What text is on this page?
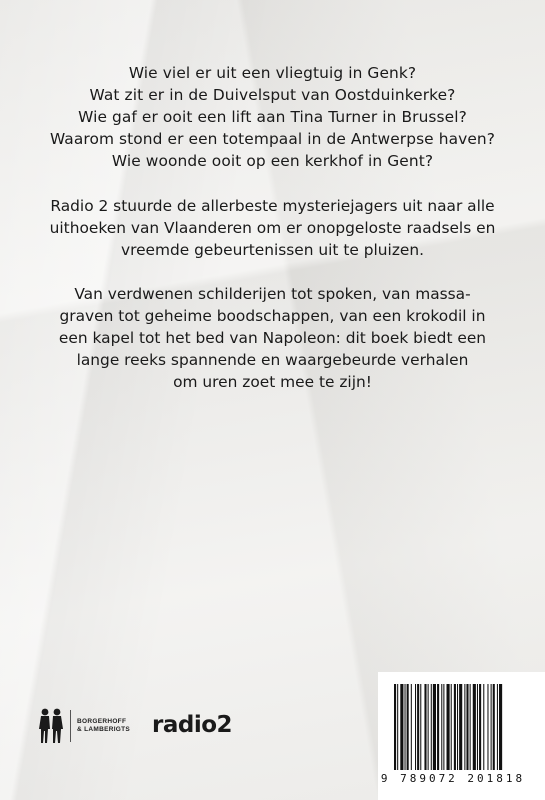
Wie viel er uit een vliegtuig in Genk?
Wat zit er in de Duivelsput van Oostduinkerke?
Wie gaf er ooit een lift aan Tina Turner in Brussel?
Waarom stond er een totempaal in de Antwerpse haven?
Wie woonde ooit op een kerkhof in Gent?
Radio 2 stuurde de allerbeste mysteriejagers uit naar alle
uithoeken van Vlaanderen om er onopgeloste raadsels en
vreemde gebeurtenissen uit te pluizen.
Van verdwenen schilderijen tot spoken, van massa-
graven tot geheime boodschappen, van een krokodil in
een kapel tot het bed van Napoleon: dit boek biedt een
lange reeks spannende en waargebeurde verhalen
om uren zoet mee te zijn!
BORGERHOFF
& LAMBERIGTS radio2
9 789072 201818
